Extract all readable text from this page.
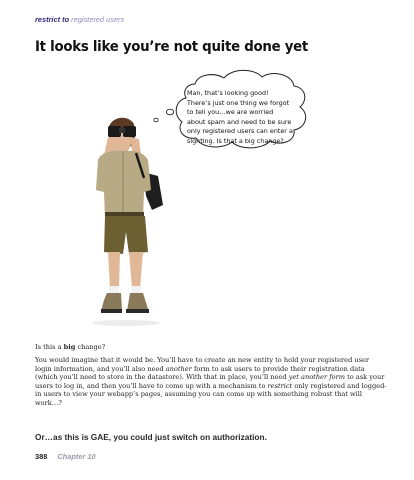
restrict to registered users
It looks like you’re not quite done yet
Man, that’s looking good!
There’s just one thing we forgot
to tell you…we are worried
about spam and need to be sure
only registered users can enter a
sighting. Is that a big change?

Is this a big change?

You would imagine that it would be. You’ll have to create an new entity to hold your registered user login information, and you’ll also need another form to ask users to provide their registration data (which you’ll need to store in the datastore). With that in place, you’ll need yet another form to ask your users to log in, and then you’ll have to come up with a mechanism to restrict only registered and logged-in users to view your webapp’s pages, assuming you can come up with something robust that will work…?

Or…as this is GAE, you could just switch on authorization.

388 Chapter 10
